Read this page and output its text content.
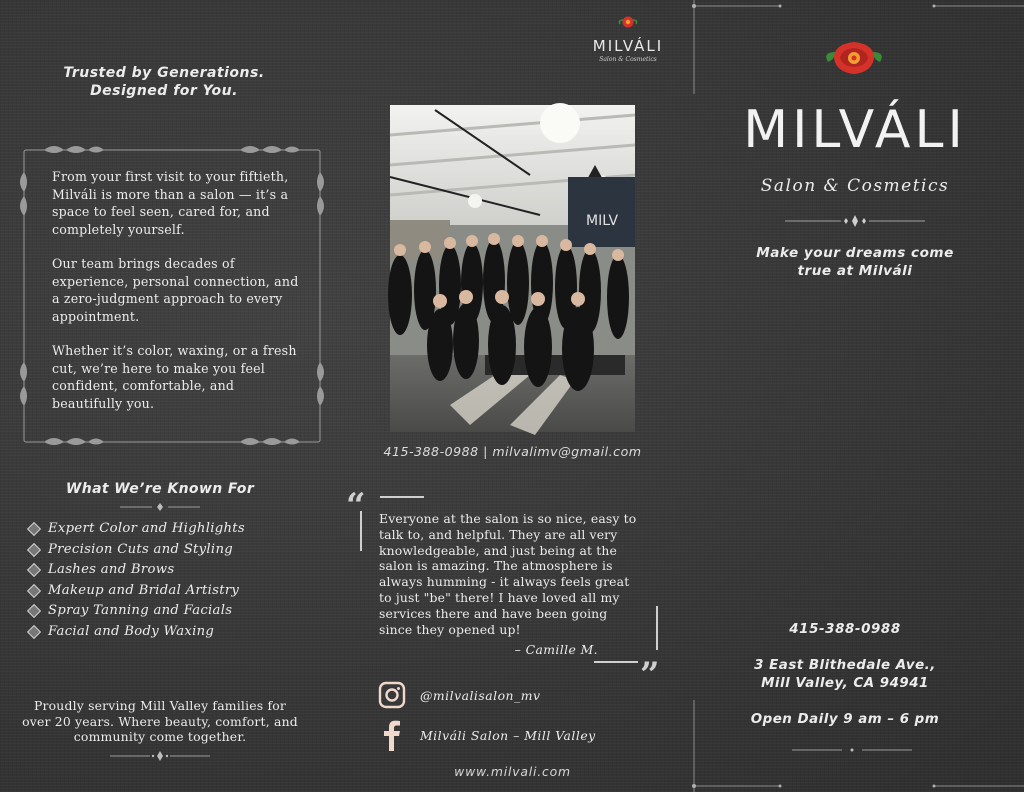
Trusted by Generations.
Designed for You.

From your first visit to your fiftieth, Milváli is more than a salon — it’s a space to feel seen, cared for, and completely yourself.

Our team brings decades of experience, personal connection, and a zero-judgment approach to every appointment.

Whether it’s color, waxing, or a fresh cut, we’re here to make you feel confident, comfortable, and beautifully you.

What We’re Known For
Expert Color and Highlights
Precision Cuts and Styling
Lashes and Brows
Makeup and Bridal Artistry
Spray Tanning and Facials
Facial and Body Waxing
Proudly serving Mill Valley families for over 20 years. Where beauty, comfort, and community come together.
MILVÁLI
Salon & Cosmetics
MILV
415-388-0988 | milvalimv@gmail.com
“ Everyone at the salon is so nice, easy to talk to, and helpful. They are all very knowledgeable, and just being at the salon is amazing. The atmosphere is always humming - it always feels great to just "be" there! I have loved all my services there and have been going since they opened up!
– Camille M.
”
@milvalisalon_mv
Milváli Salon – Mill Valley
www.milvali.com
MILVÁLI
Salon & Cosmetics
Make your dreams come
true at Milváli
415-388-0988
3 East Blithedale Ave.,
Mill Valley, CA 94941
Open Daily 9 am – 6 pm
